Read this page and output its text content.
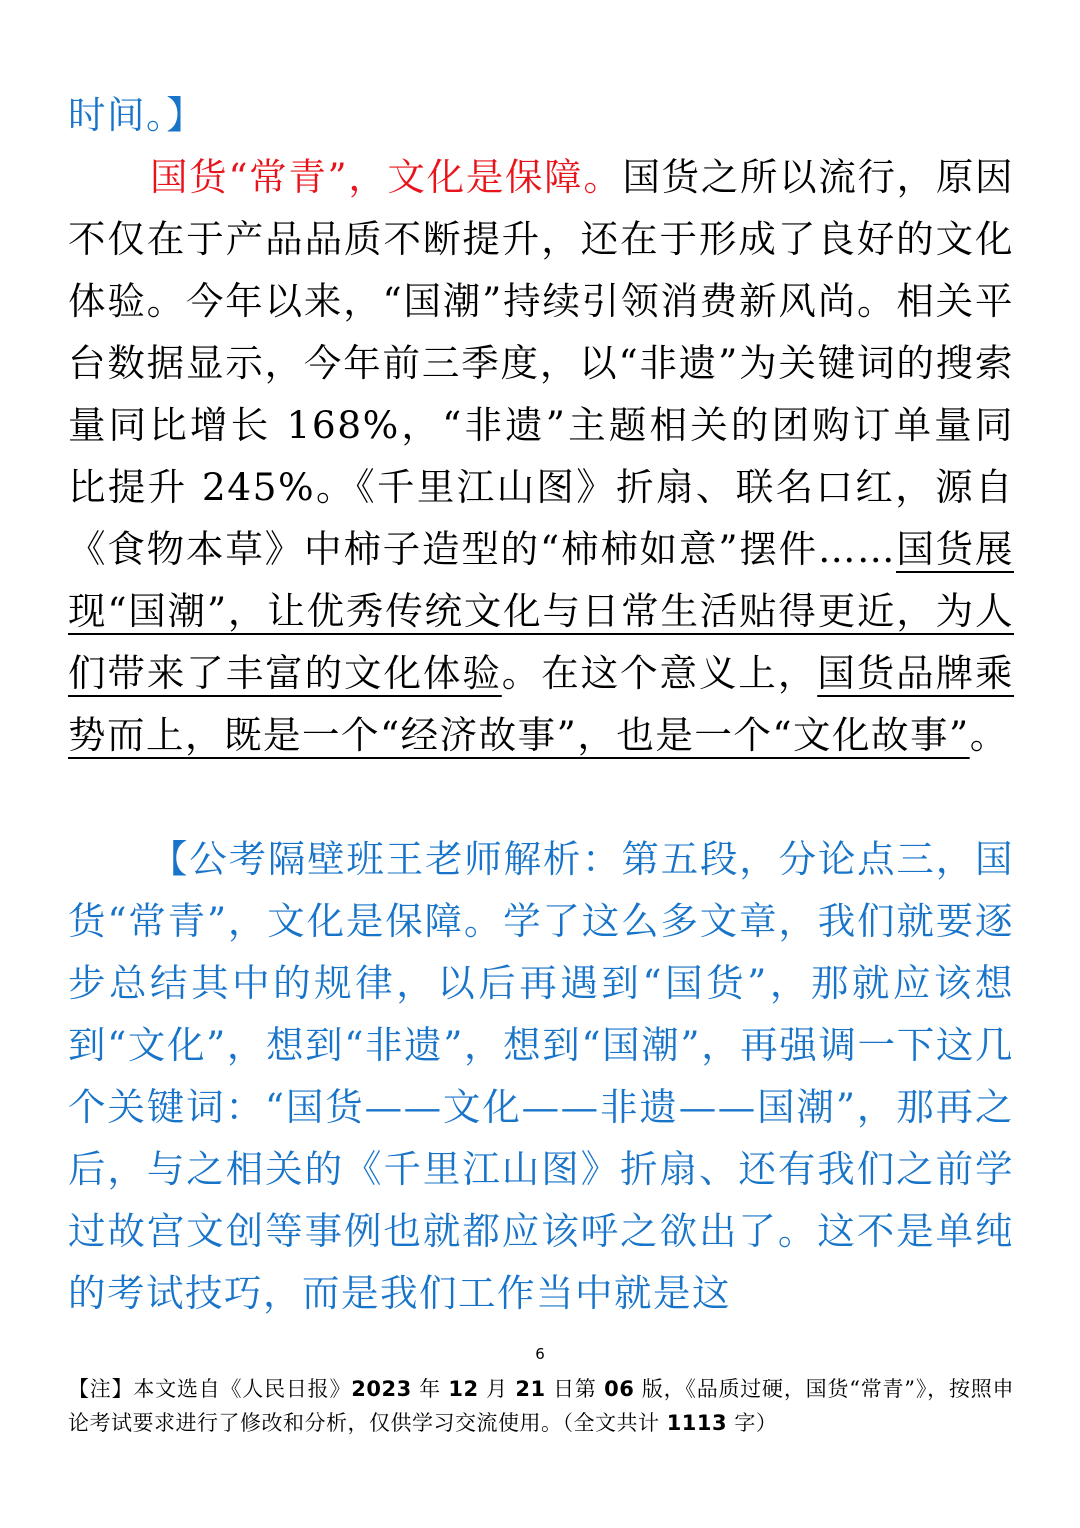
时间。】

国货“常青”，文化是保障。国货之所以流行，原因不仅在于产品品质不断提升，还在于形成了良好的文化体验。今年以来，“国潮”持续引领消费新风尚。相关平台数据显示，今年前三季度，以“非遗”为关键词的搜索量同比增长 168%，“非遗”主题相关的团购订单量同比提升 245%。《千里江山图》折扇、联名口红，源自《食物本草》中柿子造型的“柿柿如意”摆件……国货展现“国潮”，让优秀传统文化与日常生活贴得更近，为人们带来了丰富的文化体验。在这个意义上，国货品牌乘势而上，既是一个“经济故事”，也是一个“文化故事”。

【公考隔壁班王老师解析：第五段，分论点三，国货“常青”，文化是保障。学了这么多文章，我们就要逐步总结其中的规律，以后再遇到“国货”，那就应该想到“文化”，想到“非遗”，想到“国潮”，再强调一下这几个关键词：“国货——文化——非遗——国潮”，那再之后，与之相关的《千里江山图》折扇、还有我们之前学过故宫文创等事例也就都应该呼之欲出了。这不是单纯的考试技巧，而是我们工作当中就是这

6
【注】本文选自《人民日报》2023 年 12 月 21 日第 06 版，《品质过硬，国货“常青”》，按照申论考试要求进行了修改和分析，仅供学习交流使用。（全文共计 1113 字）
